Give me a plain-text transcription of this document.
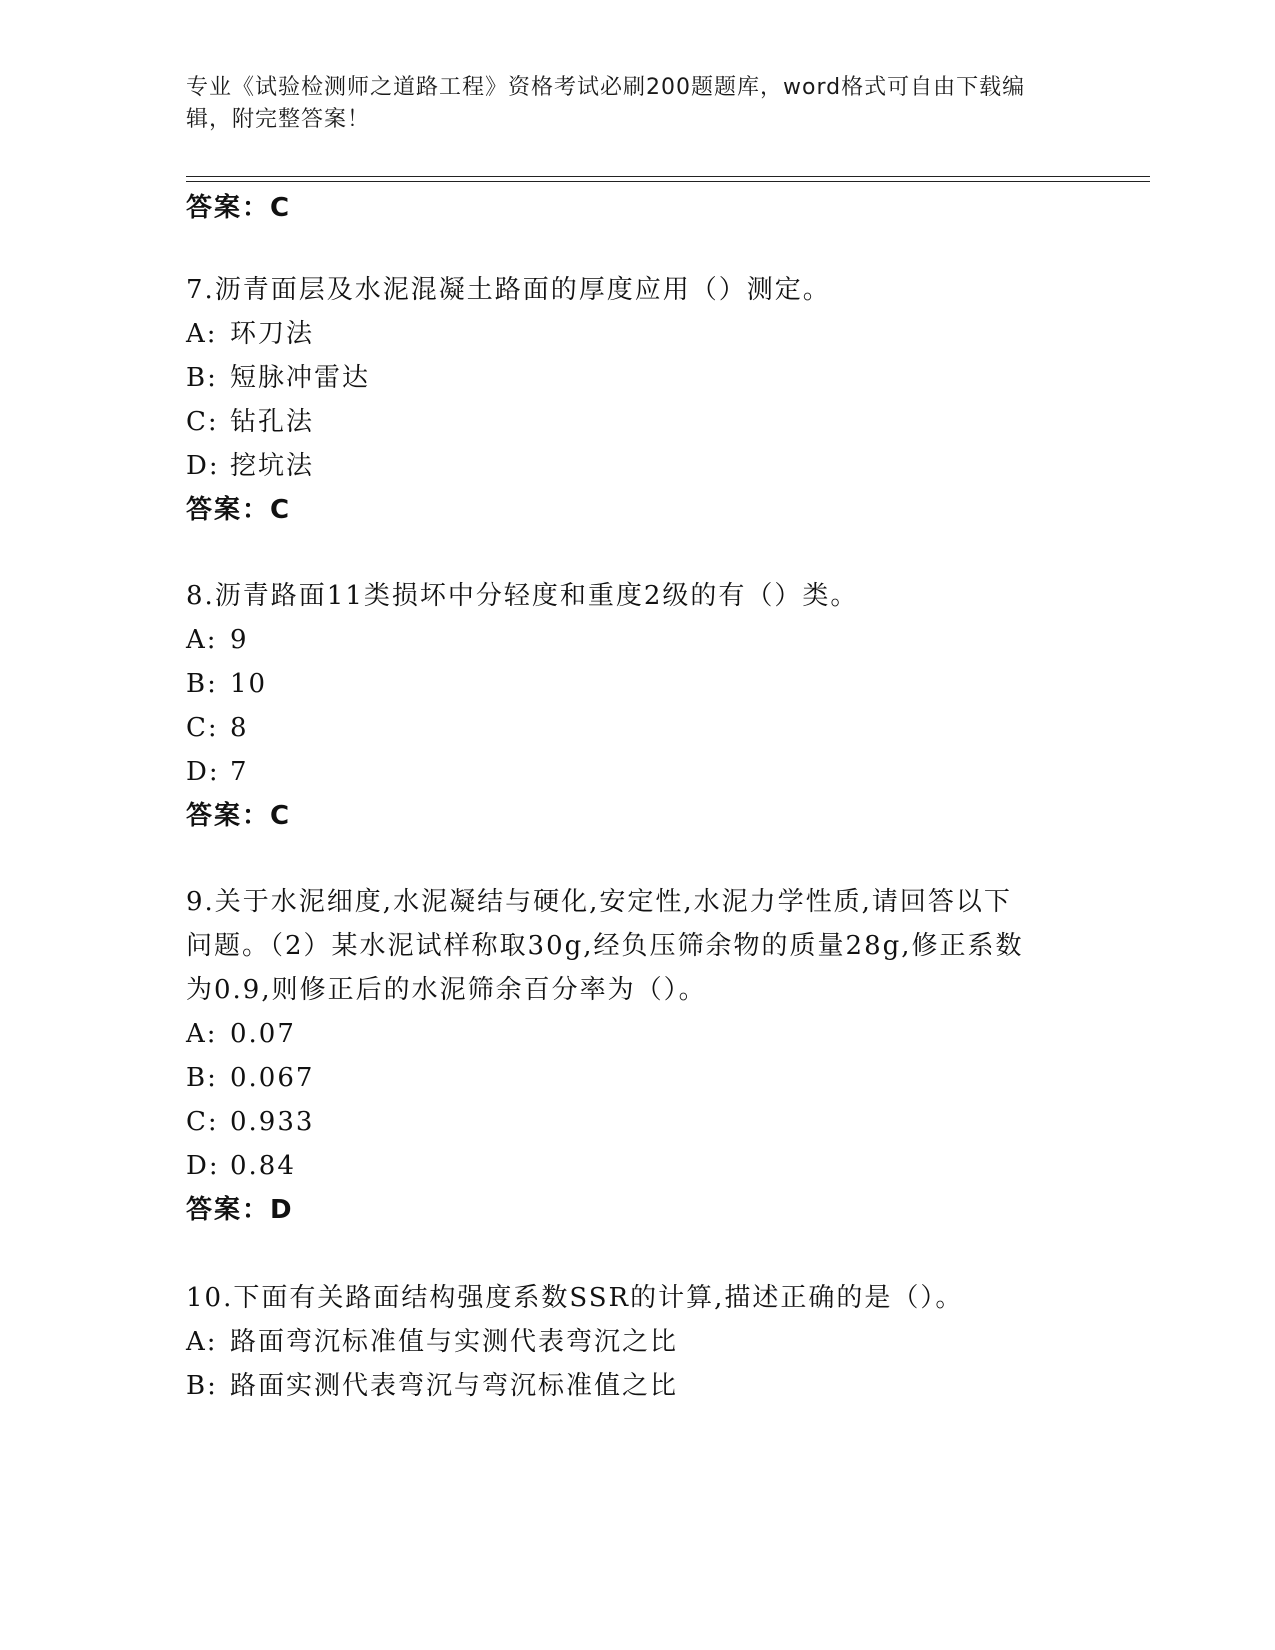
专业《试验检测师之道路工程》资格考试必刷200题题库，word格式可自由下载编辑，附完整答案！
答案：C
7.沥青面层及水泥混凝土路面的厚度应用（）测定。
A: 环刀法
B: 短脉冲雷达
C: 钻孔法
D: 挖坑法
答案：C
8.沥青路面11类损坏中分轻度和重度2级的有（）类。
A: 9
B: 10
C: 8
D: 7
答案：C
9.关于水泥细度,水泥凝结与硬化,安定性,水泥力学性质,请回答以下
问题。（2）某水泥试样称取30g,经负压筛余物的质量28g,修正系数
为0.9,则修正后的水泥筛余百分率为（）。
A: 0.07
B: 0.067
C: 0.933
D: 0.84
答案：D
10.下面有关路面结构强度系数SSR的计算,描述正确的是（）。
A: 路面弯沉标准值与实测代表弯沉之比
B: 路面实测代表弯沉与弯沉标准值之比
